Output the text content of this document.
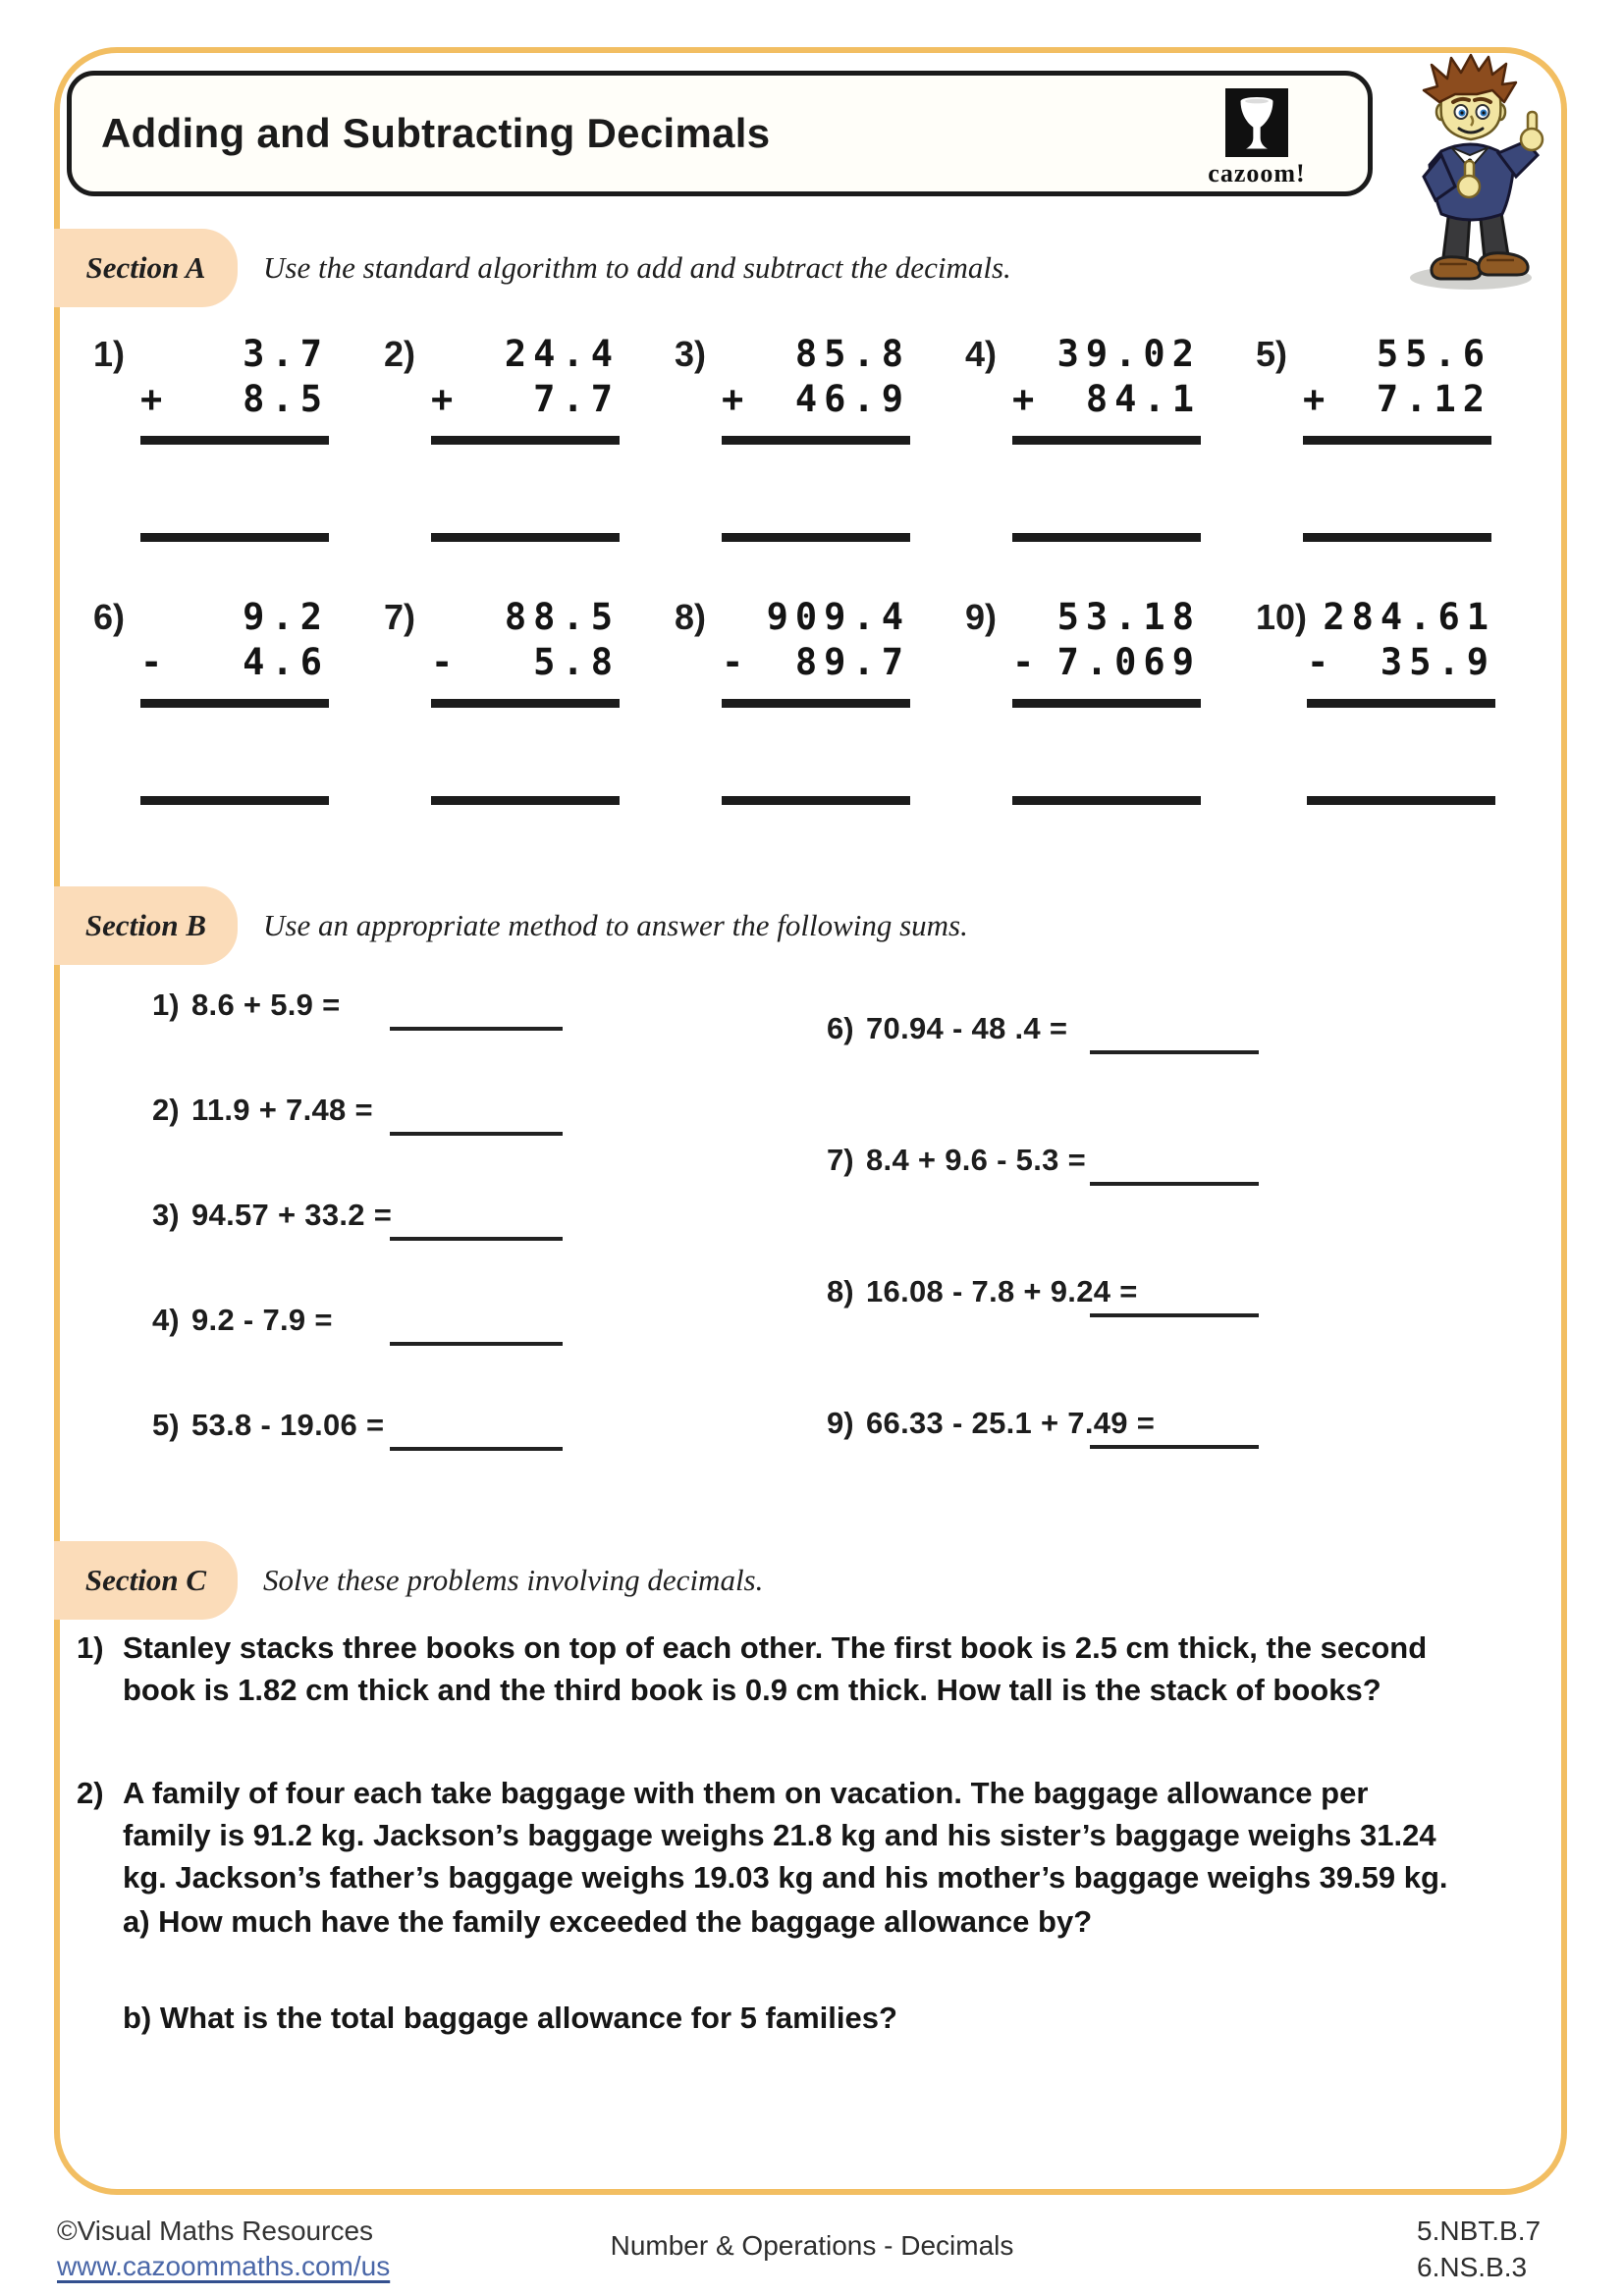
Adding and Subtracting Decimals
cazoom!
Section A	Use the standard algorithm to add and subtract the decimals.
1)	3.7
+ 8.5
2)	24.4
+ 7.7
3)	85.8
+ 46.9
4)	39.02
+ 84.1
5)	55.6
+ 7.12
6)	9.2
- 4.6
7)	88.5
- 5.8
8)	909.4
- 89.7
9)	53.18
- 7.069
10) 284.61
- 35.9
Section B	Use an appropriate method to answer the following sums.
1) 8.6 + 5.9 =
2) 11.9 + 7.48 =
3) 94.57 + 33.2 =
4) 9.2 - 7.9 =
5) 53.8 - 19.06 =
6) 70.94 - 48 .4 =
7) 8.4 + 9.6 - 5.3 =
8) 16.08 - 7.8 + 9.24 =
9) 66.33 - 25.1 + 7.49 =
Section C	Solve these problems involving decimals.
1) Stanley stacks three books on top of each other. The first book is 2.5 cm thick, the second book is 1.82 cm thick and the third book is 0.9 cm thick. How tall is the stack of books?
2) A family of four each take baggage with them on vacation. The baggage allowance per family is 91.2 kg. Jackson’s baggage weighs 21.8 kg and his sister’s baggage weighs 31.24 kg. Jackson’s father’s baggage weighs 19.03 kg and his mother’s baggage weighs 39.59 kg.
a) How much have the family exceeded the baggage allowance by?
b) What is the total baggage allowance for 5 families?
©Visual Maths Resources
www.cazoommaths.com/us
Number & Operations - Decimals	5.NBT.B.7
6.NS.B.3
